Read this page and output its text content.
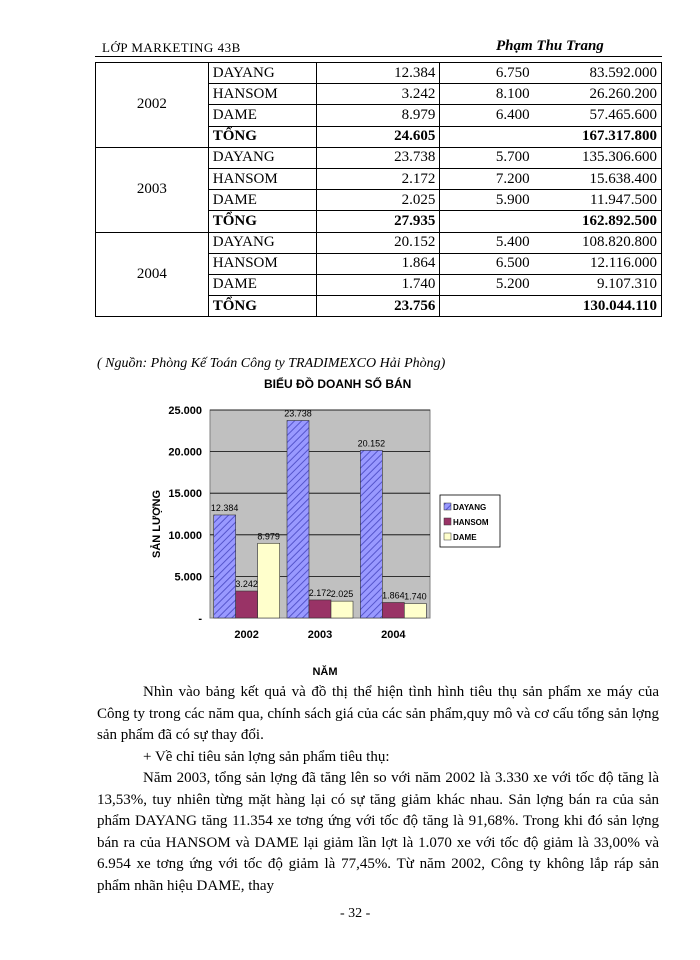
LỚP MARKETING 43B	Phạm Thu Trang
2002	DAYANG	12.384	6.750	83.592.000
	HANSOM	3.242	8.100	26.260.200
	DAME	8.979	6.400	57.465.600
	TỔNG	24.605		167.317.800
2003	DAYANG	23.738	5.700	135.306.600
	HANSOM	2.172	7.200	15.638.400
	DAME	2.025	5.900	11.947.500
	TỔNG	27.935		162.892.500
2004	DAYANG	20.152	5.400	108.820.800
	HANSOM	1.864	6.500	12.116.000
	DAME	1.740	5.200	9.107.310
	TỔNG	23.756		130.044.110
( Nguồn: Phòng Kế Toán Công ty TRADIMEXCO Hải Phòng)
BIỂU ĐỒ DOANH SỐ BÁN
-
5.000
10.000
15.000
20.000
25.000
12.384
3.242
8.979
2002
23.738
2.172 2.025
2003
20.152
1.864 1.740
2004
NĂM
SẢN LƯỢNG	DAYANG
HANSOM
DAME

Nhìn vào bảng kết quả và đồ thị thể hiện tình hình tiêu thụ sản phẩm xe máy của Công ty trong các năm qua, chính sách giá của các sản phẩm,quy mô và cơ cấu tổng sản lợng sản phẩm đã có sự thay đổi.

+ Về chỉ tiêu sản lợng sản phẩm tiêu thụ:

Năm 2003, tổng sản lợng đã tăng lên so với năm 2002 là 3.330 xe với tốc độ tăng là 13,53%, tuy nhiên từng mặt hàng lại có sự tăng giảm khác nhau. Sản lợng bán ra của sản phẩm DAYANG tăng 11.354 xe tơng ứng với tốc độ tăng là 91,68%. Trong khi đó sản lợng bán ra của HANSOM và DAME lại giảm lần lợt là 1.070 xe với tốc độ giảm là 33,00% và 6.954 xe tơng ứng với tốc độ giảm là 77,45%. Từ năm 2002, Công ty không lắp ráp sản phẩm nhãn hiệu DAME, thay

- 32 -
